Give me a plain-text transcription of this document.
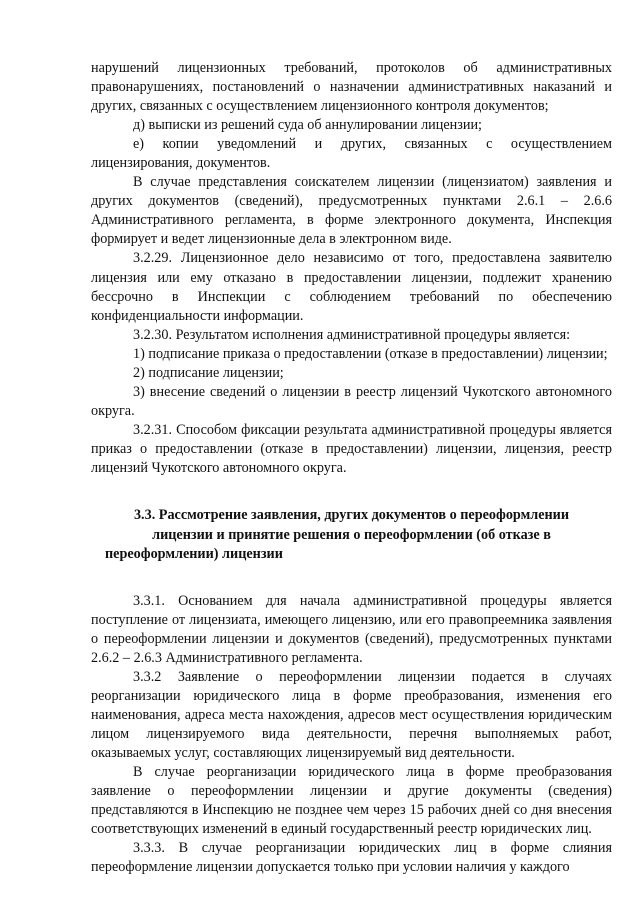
нарушений лицензионных требований, протоколов об административных правонарушениях, постановлений о назначении административных наказаний и других, связанных с осуществлением лицензионного контроля документов;
д) выписки из решений суда об аннулировании лицензии;
е) копии уведомлений и других, связанных с осуществлением лицензирования, документов.
В случае представления соискателем лицензии (лицензиатом) заявления и других документов (сведений), предусмотренных пунктами 2.6.1 – 2.6.6 Административного регламента, в форме электронного документа, Инспекция формирует и ведет лицензионные дела в электронном виде.
3.2.29. Лицензионное дело независимо от того, предоставлена заявителю лицензия или ему отказано в предоставлении лицензии, подлежит хранению бессрочно в Инспекции с соблюдением требований по обеспечению конфиденциальности информации.
3.2.30. Результатом исполнения административной процедуры является:
1) подписание приказа о предоставлении (отказе в предоставлении) лицензии;
2) подписание лицензии;
3) внесение сведений о лицензии в реестр лицензий Чукотского автономного округа.
3.2.31. Способом фиксации результата административной процедуры является приказ о предоставлении (отказе в предоставлении) лицензии, лицензия, реестр лицензий Чукотского автономного округа.
3.3. Рассмотрение заявления, других документов о переоформлении лицензии и принятие решения о переоформлении (об отказе в переоформлении) лицензии
3.3.1. Основанием для начала административной процедуры является поступление от лицензиата, имеющего лицензию, или его правопреемника заявления о переоформлении лицензии и документов (сведений), предусмотренных пунктами 2.6.2 – 2.6.3 Административного регламента.
3.3.2 Заявление о переоформлении лицензии подается в случаях реорганизации юридического лица в форме преобразования, изменения его наименования, адреса места нахождения, адресов мест осуществления юридическим лицом лицензируемого вида деятельности, перечня выполняемых работ, оказываемых услуг, составляющих лицензируемый вид деятельности.
В случае реорганизации юридического лица в форме преобразования заявление о переоформлении лицензии и другие документы (сведения) представляются в Инспекцию не позднее чем через 15 рабочих дней со дня внесения соответствующих изменений в единый государственный реестр юридических лиц.
3.3.3. В случае реорганизации юридических лиц в форме слияния переоформление лицензии допускается только при условии наличия у каждого
